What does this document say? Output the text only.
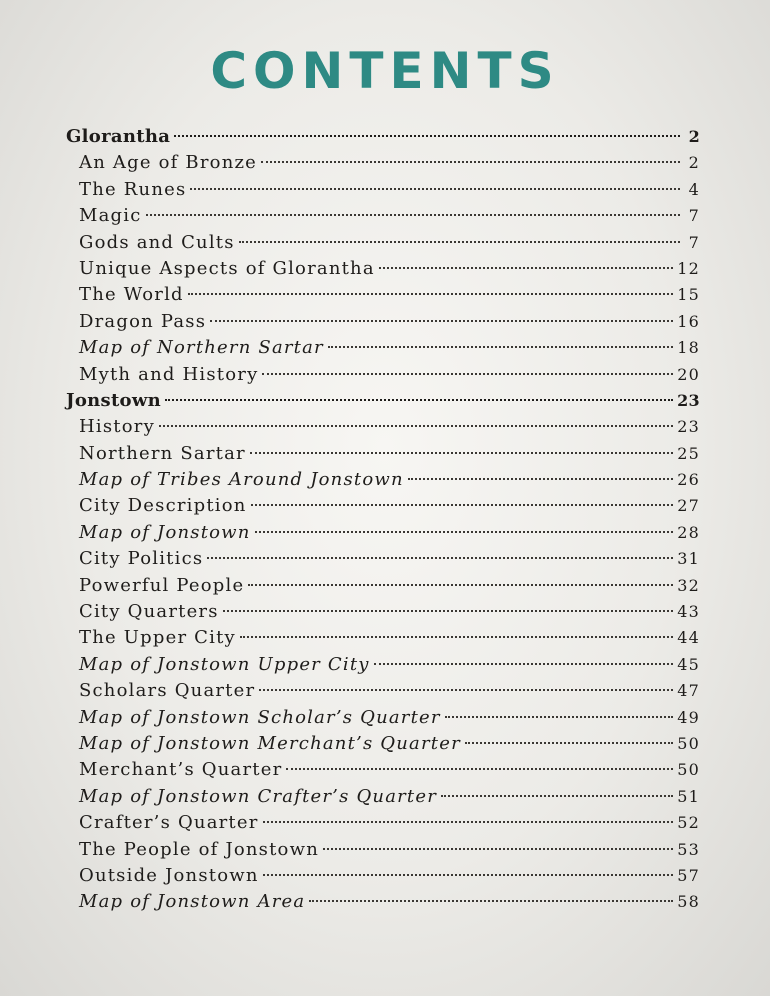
CONTENTS
Glorantha	2
An Age of Bronze	2
The Runes	4
Magic	7
Gods and Cults	7
Unique Aspects of Glorantha	12
The World	15
Dragon Pass	16
Map of Northern Sartar	18
Myth and History	20
Jonstown	23
History	23
Northern Sartar	25
Map of Tribes Around Jonstown	26
City Description	27
Map of Jonstown	28
City Politics	31
Powerful People	32
City Quarters	43
The Upper City	44
Map of Jonstown Upper City	45
Scholars Quarter	47
Map of Jonstown Scholar’s Quarter	49
Map of Jonstown Merchant’s Quarter	50
Merchant’s Quarter	50
Map of Jonstown Crafter’s Quarter	51
Crafter’s Quarter	52
The People of Jonstown	53
Outside Jonstown	57
Map of Jonstown Area	58
